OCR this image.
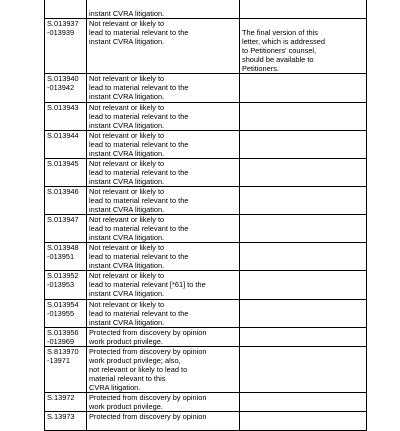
	instant CVRA litigation.	

S.013937
-013939	Not relevant or likely to
lead to material relevant to the
instant CVRA litigation.	The final version of this
letter, which is addressed
to Petitioners' counsel,
should be available to
Petitioners.

S.013940
-013942	Not relevant or likely to
lead to material relevant to the
instant CVRA litigation.	

S.013943	Not relevant or likely to
lead to material relevant to the
instant CVRA litigation.	

S.013944	Not relevant or likely to
lead to material relevant to the
instant CVRA litigation.	

S.013945	Not relevant or likely to
lead to material relevant to the
instant CVRA litigation.	

S.013946	Not relevant or likely to
lead to material relevant to the
instant CVRA litigation.	

S.013947	Not relevant or likely to
lead to material relevant to the
instant CVRA litigation.	

S.013948
-013951	Not relevant or likely to
lead to material relevant to the
instant CVRA litigation.	

S.013952
-013953	Not relevant or likely to
lead to material relevant [*61] to the
instant CVRA litigation.	

S.013954
-013955	Not relevant or likely to
lead to material relevant to the
instant CVRA litigation.	

S.013956
-013969	Protected from discovery by opinion
work product privilege.	

S.813970
-13971	Protected from discovery by opinion
work product privilege; also,
not relevant or likely to lead to
material relevant to this
CVRA litigation.	

S.13972	Protected from discovery by opinion
work product privilege.	

S.13973	Protected from discovery by opinion	
